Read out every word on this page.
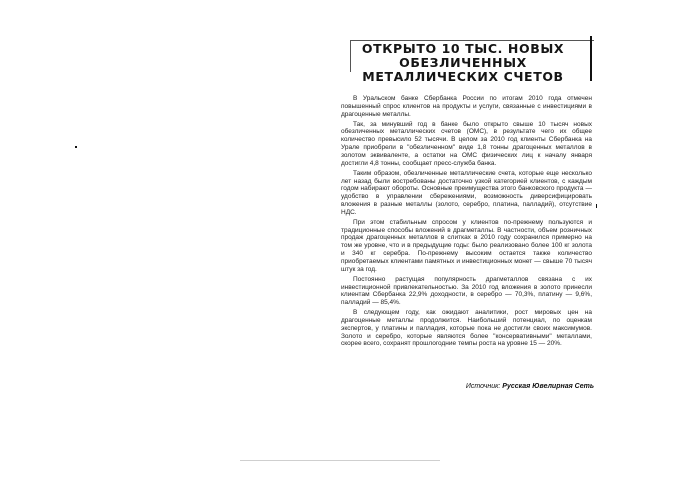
ОТКРЫТО 10 ТЫС. НОВЫХ
ОБЕЗЛИЧЕННЫХ
МЕТАЛЛИЧЕСКИХ СЧЕТОВ

В Уральском банке Сбербанка России по итогам 2010 года отмечен повышенный спрос клиентов на продукты и услуги, связанные с инвестициями в драгоценные металлы.

Так, за минувший год в банке было открыто свыше 10 тысяч новых обезличенных металлических счетов (ОМС), в результате чего их общее количество превысило 52 тысячи. В целом за 2010 год клиенты Сбербанка на Урале приобрели в "обезличенном" виде 1,8 тонны драгоценных металлов в золотом эквиваленте, а остатки на ОМС физических лиц к началу января достигли 4,8 тонны, сообщает пресс-служба банка.

Таким образом, обезличенные металлические счета, которые еще несколько лет назад были востребованы достаточно узкой категорией клиентов, с каждым годом набирают обороты. Основные преимущества этого банковского продукта — удобство в управлении сбережениями, возможность диверсифицировать вложения в разные металлы (золото, серебро, платина, палладий), отсутствие НДС.

При этом стабильным спросом у клиентов по-прежнему пользуются и традиционные способы вложений в драгметаллы. В частности, объем розничных продаж драгоценных металлов в слитках в 2010 году сохранился примерно на том же уровне, что и в предыдущие годы: было реализовано более 100 кг золота и 340 кг серебра. По-прежнему высоким остается также количество приобретаемых клиентами памятных и инвестиционных монет — свыше 70 тысяч штук за год.

Постоянно растущая популярность драгметаллов связана с их инвестиционной привлекательностью. За 2010 год вложения в золото принесли клиентам Сбербанка 22,9% доходности, в серебро — 70,3%, платину — 9,6%, палладий — 85,4%.

В следующем году, как ожидают аналитики, рост мировых цен на драгоценные металлы продолжится. Наибольший потенциал, по оценкам экспертов, у платины и палладия, которые пока не достигли своих максимумов. Золото и серебро, которые являются более "консервативными" металлами, скорее всего, сохранят прошлогодние темпы роста на уровне 15 — 20%.

Источник: Русская Ювелирная Сеть
